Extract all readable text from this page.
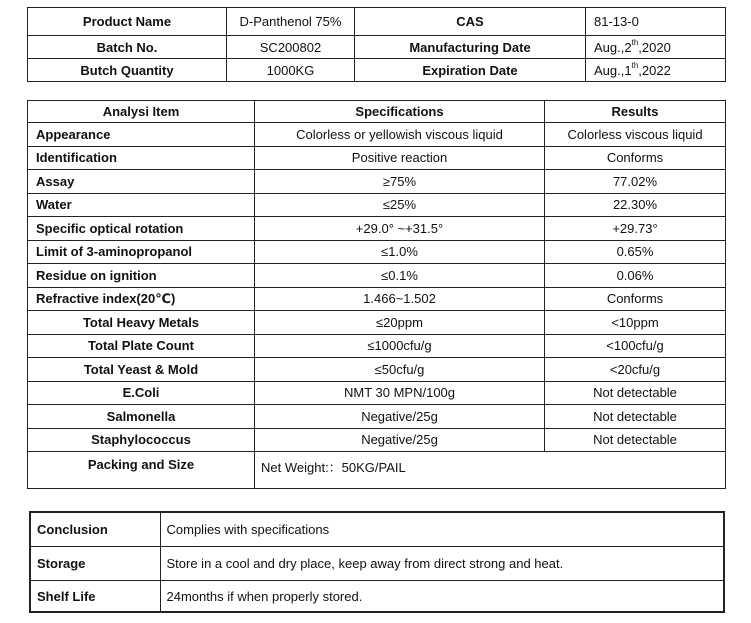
Product Name	D-Panthenol 75%	CAS	81-13-0
Batch No.	SC200802	Manufacturing Date	Aug.,2th,2020
Butch Quantity	1000KG	Expiration Date	Aug.,1th,2022
Analysi Item	Specifications	Results
Appearance	Colorless or yellowish viscous liquid	Colorless viscous liquid
Identification	Positive reaction	Conforms
Assay	≥75%	77.02%
Water	≤25%	22.30%
Specific optical rotation	+29.0° ~+31.5°	+29.73°
Limit of 3-aminopropanol	≤1.0%	0.65%
Residue on ignition	≤0.1%	0.06%
Refractive index(20℃)	1.466~1.502	Conforms
Total Heavy Metals	≤20ppm	<10ppm
Total Plate Count	≤1000cfu/g	<100cfu/g
Total Yeast & Mold	≤50cfu/g	<20cfu/g
E.Coli	NMT 30 MPN/100g	Not detectable
Salmonella	Negative/25g	Not detectable
Staphylococcus	Negative/25g	Not detectable
Packing and Size	Net Weight:：50KG/PAIL	
Conclusion	Complies with specifications
Storage	Store in a cool and dry place, keep away from direct strong and heat.
Shelf Life	24months if when properly stored.
